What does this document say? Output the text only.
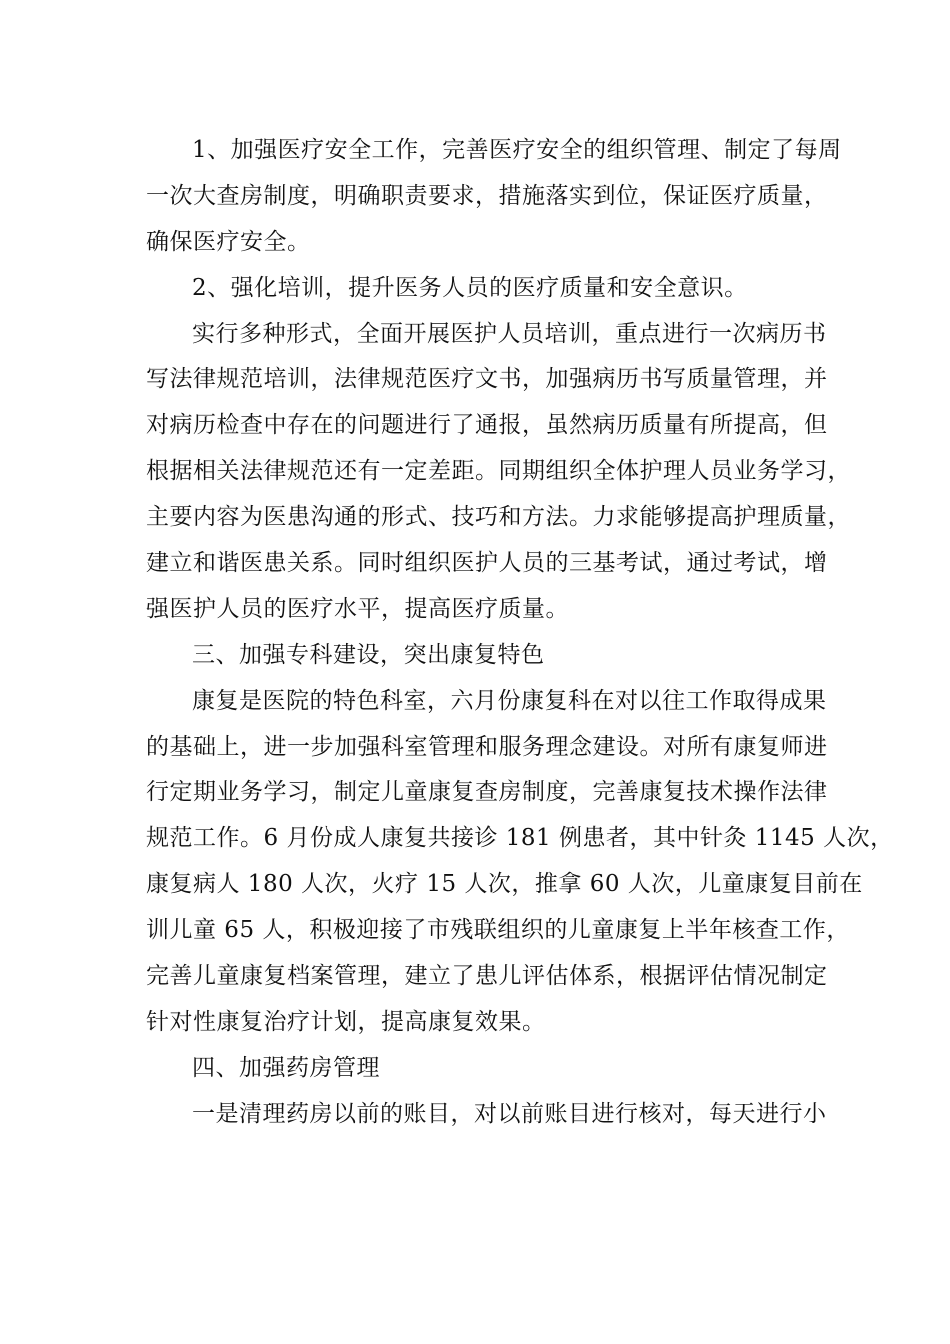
1、加强医疗安全工作，完善医疗安全的组织管理、制定了每周
一次大查房制度，明确职责要求，措施落实到位，保证医疗质量，
确保医疗安全。
2、强化培训，提升医务人员的医疗质量和安全意识。
实行多种形式，全面开展医护人员培训，重点进行一次病历书
写法律规范培训，法律规范医疗文书，加强病历书写质量管理，并
对病历检查中存在的问题进行了通报，虽然病历质量有所提高，但
根据相关法律规范还有一定差距。同期组织全体护理人员业务学习，
主要内容为医患沟通的形式、技巧和方法。力求能够提高护理质量，
建立和谐医患关系。同时组织医护人员的三基考试，通过考试，增
强医护人员的医疗水平，提高医疗质量。
三、加强专科建设，突出康复特色
康复是医院的特色科室，六月份康复科在对以往工作取得成果
的基础上，进一步加强科室管理和服务理念建设。对所有康复师进
行定期业务学习，制定儿童康复查房制度，完善康复技术操作法律
规范工作。6 月份成人康复共接诊 181 例患者，其中针灸 1145 人次，
康复病人 180 人次，火疗 15 人次，推拿 60 人次，儿童康复目前在
训儿童 65 人，积极迎接了市残联组织的儿童康复上半年核查工作，
完善儿童康复档案管理，建立了患儿评估体系，根据评估情况制定
针对性康复治疗计划，提高康复效果。
四、加强药房管理
一是清理药房以前的账目，对以前账目进行核对，每天进行小
